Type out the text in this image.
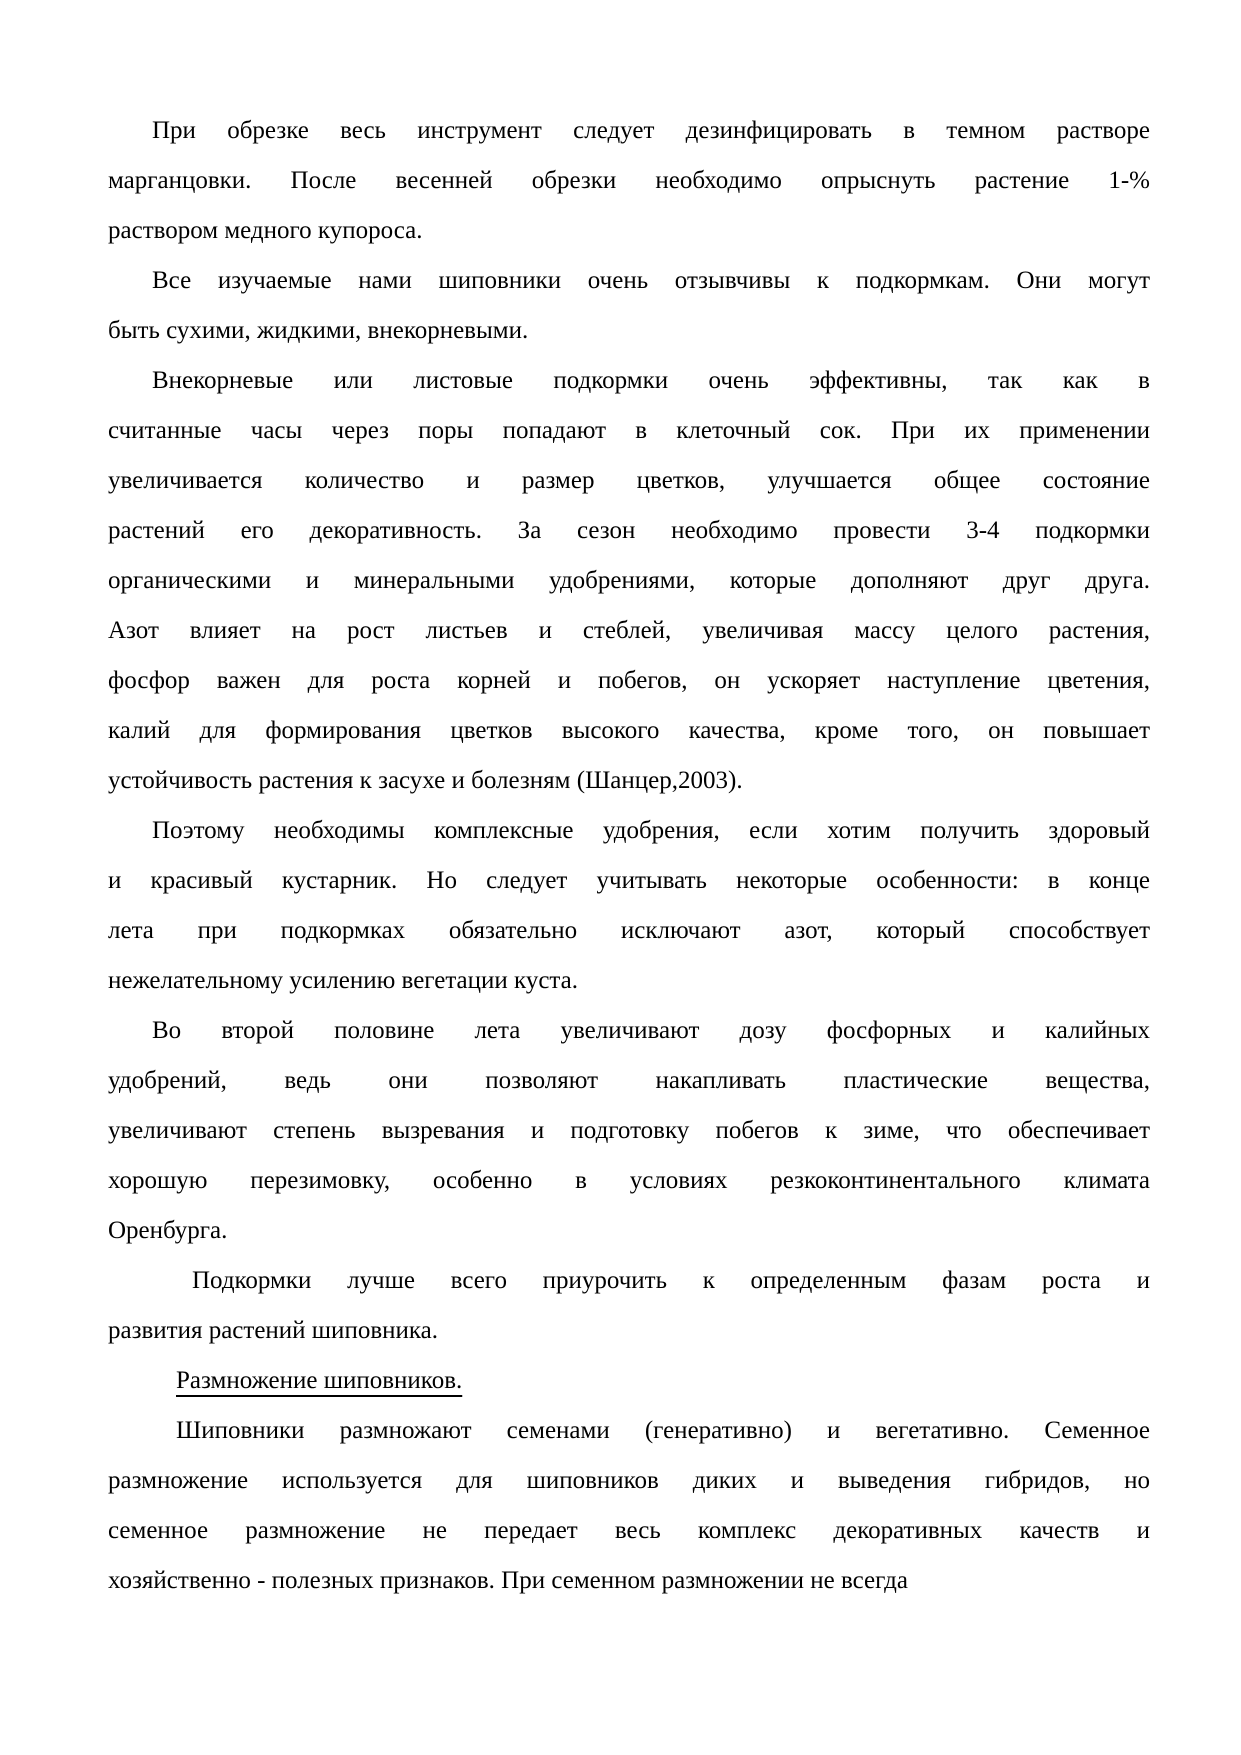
При обрезке весь инструмент следует дезинфицировать в темном растворе
марганцовки. После весенней обрезки необходимо опрыснуть растение 1-%
раствором медного купороса.

Все изучаемые нами шиповники очень отзывчивы к подкормкам. Они могут
быть сухими, жидкими, внекорневыми.

Внекорневые или листовые подкормки очень эффективны, так как в
считанные часы через поры попадают в клеточный сок. При их применении
увеличивается количество и размер цветков, улучшается общее состояние
растений его декоративность. За сезон необходимо провести 3-4 подкормки
органическими и минеральными удобрениями, которые дополняют друг друга.
Азот влияет на рост листьев и стеблей, увеличивая массу целого растения,
фосфор важен для роста корней и побегов, он ускоряет наступление цветения,
калий для формирования цветков высокого качества, кроме того, он повышает
устойчивость растения к засухе и болезням (Шанцер,2003).

Поэтому необходимы комплексные удобрения, если хотим получить здоровый
и красивый кустарник. Но следует учитывать некоторые особенности: в конце
лета при подкормках обязательно исключают азот, который способствует
нежелательному усилению вегетации куста.

Во второй половине лета увеличивают дозу фосфорных и калийных
удобрений, ведь они позволяют накапливать пластические вещества,
увеличивают степень вызревания и подготовку побегов к зиме, что обеспечивает
хорошую перезимовку, особенно в условиях резкоконтинентального климата
Оренбурга.

Подкормки лучше всего приурочить к определенным фазам роста и
развития растений шиповника.

Размножение шиповников.

Шиповники размножают семенами (генеративно) и вегетативно. Семенное
размножение используется для шиповников диких и выведения гибридов, но
семенное размножение не передает весь комплекс декоративных качеств и
хозяйственно - полезных признаков. При семенном размножении не всегда
